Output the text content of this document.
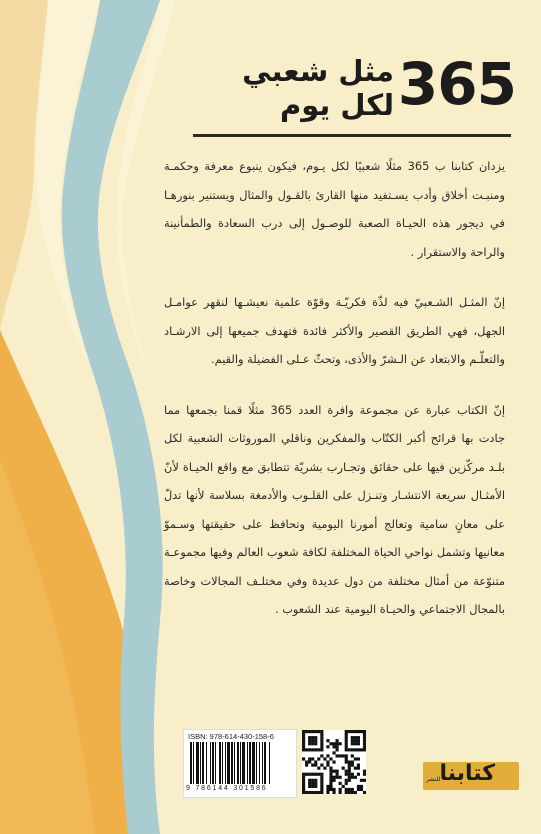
365
مثل شعبي
لكل يوم

يزدان كتابنا ب 365 مثلًا شعبيًا لكل يـوم، فيكون ينبوع معرفة وحكمـة ومنبـت أخلاق وأدب يسـتفيد منها القارئ بالقـول والمثال ويستنير بنورهـا في ديجور هذه الحيـاة الصعبة للوصـول إلى درب السعادة والطمأنينة والراحة والاستقرار .

إنّ المثـل الشـعبيّ فيه لذّة فكريّـة وقوّة علمية نعيشـها لنقهر عوامـل الجهل، فهي الطريق القصير والأكثر فائدة فتهدف جميعها إلى الارشـاد والتعلّـم والابتعاد عن الـشرّ والأذى، وتحثّ عـلى الفضيلة والقيم.

إنّ الكتاب عبارة عن مجموعة وافرة العدد 365 مثلًا قمنا بجمعها مما جادت بها قرائح أكبر الكتّاب والمفكرين وناقلي الموروثات الشعبية لكل بلـد مركّزين فيها على حقائق وتجـارب بشريّة تتطابق مع واقع الحيـاة لأنّ الأمثـال سريعة الانتشـار وتنـزل على القلـوب والأدمغة بسلاسة لأنها تدلّ على معانٍ سامية وتعالج أمورنا اليومية وتحافظ على حقيقتها وسـموّ معانيها وتشمل نواحي الحياة المختلفة لكافة شعوب العالم وفيها مجموعـة متنوّعة من أمثال مختلفة من دول عديدة وفي مختلـف المجالات وخاصة بالمجال الاجتماعي والحيـاة اليومية عند الشعوب .

ISBN: 978-614-430-158-6
9 786144 301586
كتابنا
للنشر
